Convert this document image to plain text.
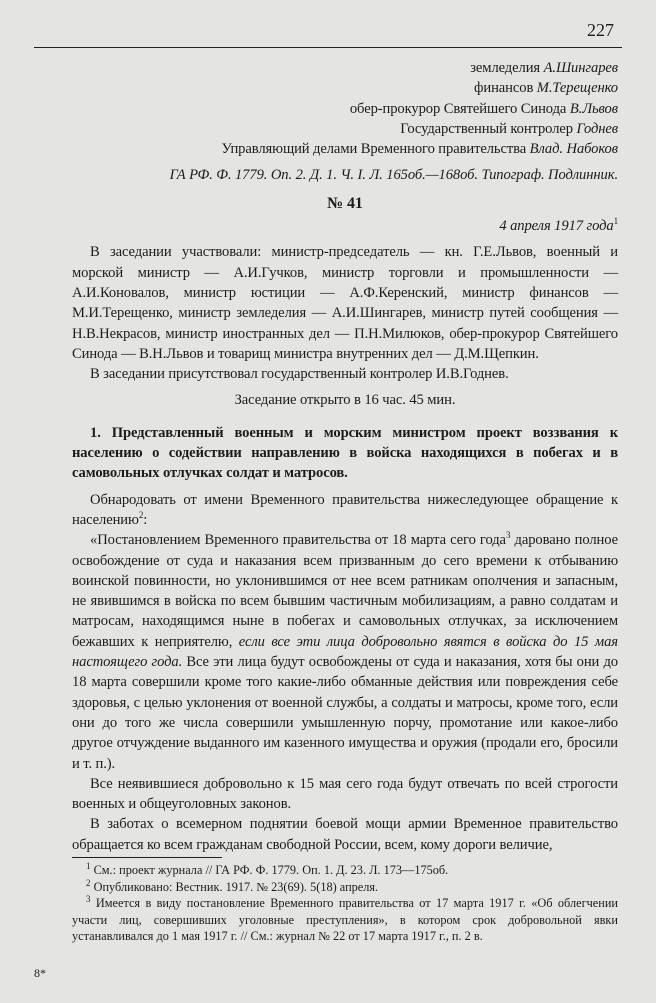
227
земледелия А.Шингарев
финансов М.Терещенко
обер-прокурор Святейшего Синода В.Львов
Государственный контролер Годнев
Управляющий делами Временного правительства Влад. Набоков
ГА РФ. Ф. 1779. Оп. 2. Д. 1. Ч. I. Л. 165об.—168об. Типограф. Подлинник.
№ 41
4 апреля 1917 года$^1$

В заседании участвовали: министр-председатель — кн. Г.Е.Львов, военный и морской министр — А.И.Гучков, министр торговли и промышленности — А.И.Коновалов, министр юстиции — А.Ф.Керенский, министр финансов — М.И.Терещенко, министр земледелия — А.И.Шингарев, министр путей сообщения — Н.В.Некрасов, министр иностранных дел — П.Н.Милюков, обер-прокурор Святейшего Синода — В.Н.Львов и товарищ министра внутренних дел — Д.М.Щепкин.

В заседании присутствовал государственный контролер И.В.Годнев.

Заседание открыто в 16 час. 45 мин.

1. Представленный военным и морским министром проект воззвания к населению о содействии направлению в войска находящихся в побегах и в самовольных отлучках солдат и матросов.

Обнародовать от имени Временного правительства нижеследующее обращение к населению$^2$:

«Постановлением Временного правительства от 18 марта сего года$^3$ даровано полное освобождение от суда и наказания всем призванным до сего времени к отбыванию воинской повинности, но уклонившимся от нее всем ратникам ополчения и запасным, не явившимся в войска по всем бывшим частичным мобилизациям, а равно солдатам и матросам, находящимся ныне в побегах и самовольных отлучках, за исключением бежавших к неприятелю, если все эти лица добровольно явятся в войска до 15 мая настоящего года. Все эти лица будут освобождены от суда и наказания, хотя бы они до 18 марта совершили кроме того какие-либо обманные действия или повреждения себе здоровья, с целью уклонения от военной службы, а солдаты и матросы, кроме того, если они до того же числа совершили умышленную порчу, промотание или какое-либо другое отчуждение выданного им казенного имущества и оружия (продали его, бросили и т. п.).

Все неявившиеся добровольно к 15 мая сего года будут отвечать по всей строгости военных и общеуголовных законов.

В заботах о всемерном поднятии боевой мощи армии Временное правительство обращается ко всем гражданам свободной России, всем, кому дороги величие,

$^1$ См.: проект журнала // ГА РФ. Ф. 1779. Оп. 1. Д. 23. Л. 173—175об.
$^2$ Опубликовано: Вестник. 1917. № 23(69). 5(18) апреля.
$^3$ Имеется в виду постановление Временного правительства от 17 марта 1917 г. «Об облегчении участи лиц, совершивших уголовные преступления», в котором срок добровольной явки устанавливался до 1 мая 1917 г. // См.: журнал № 22 от 17 марта 1917 г., п. 2 в.
8*
